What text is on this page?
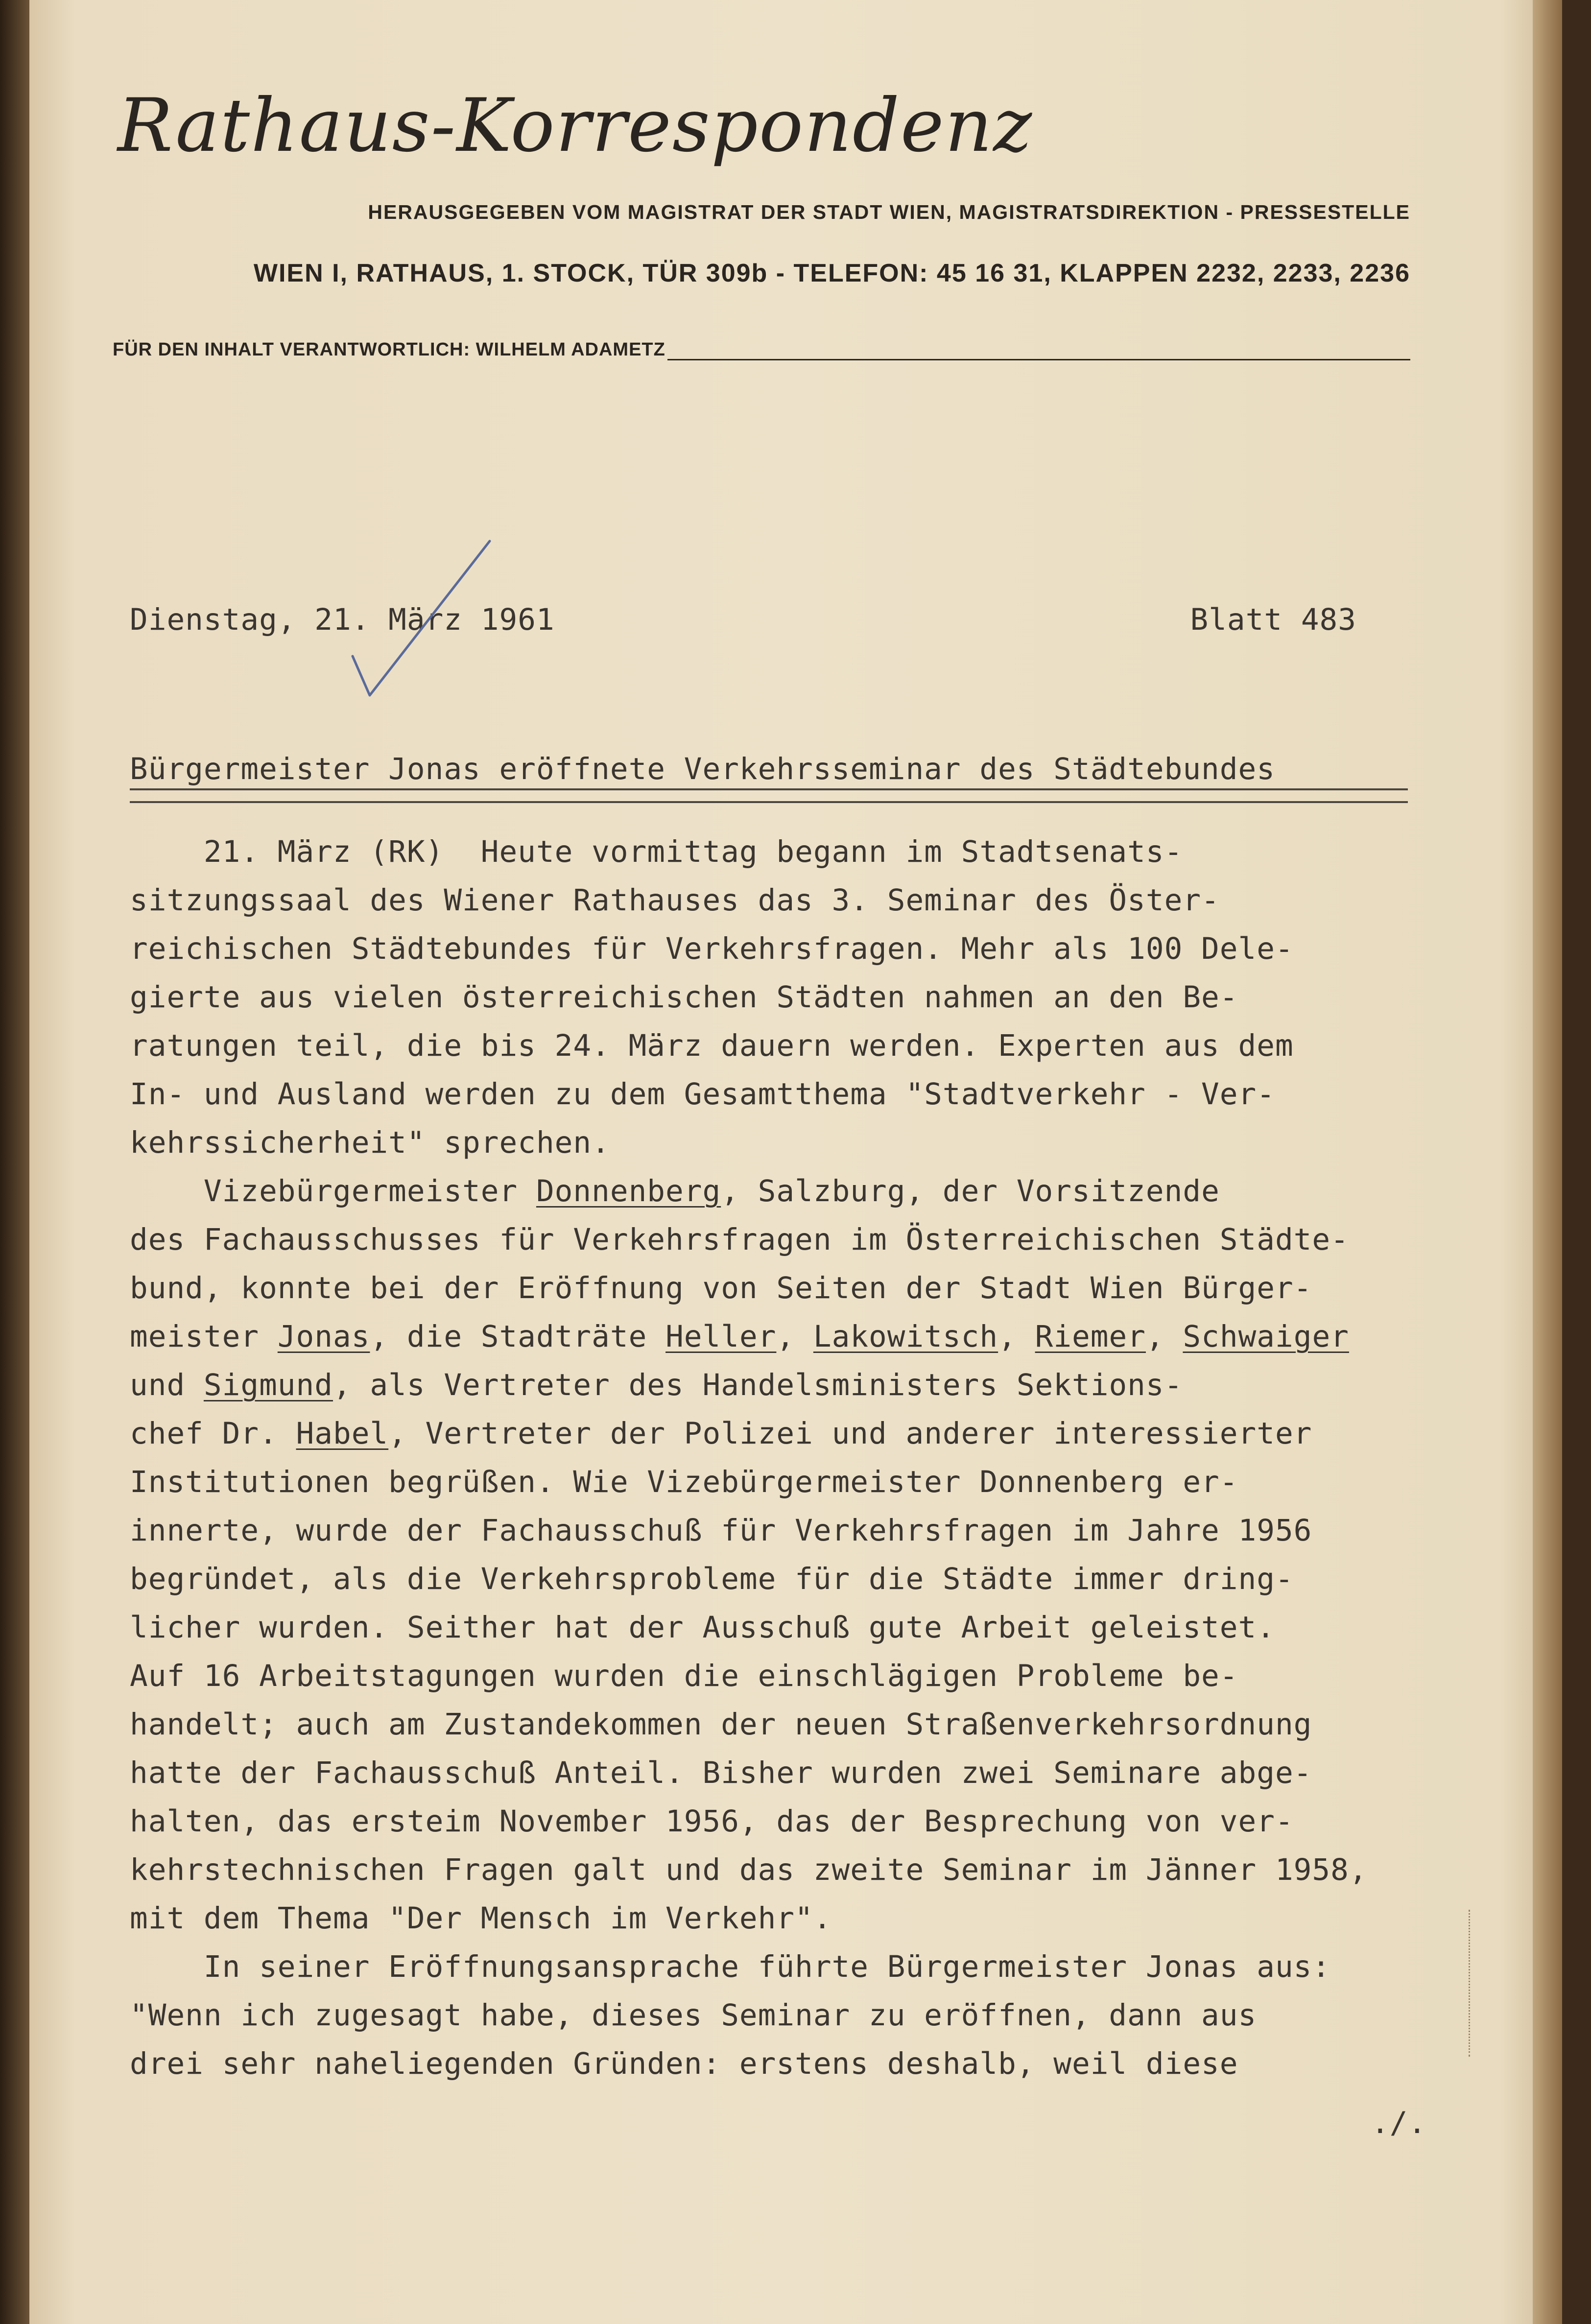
Rathaus-Korrespondenz
HERAUSGEGEBEN VOM MAGISTRAT DER STADT WIEN, MAGISTRATSDIREKTION - PRESSESTELLE
WIEN I, RATHAUS, 1. STOCK, TÜR 309b - TELEFON: 45 16 31, KLAPPEN 2232, 2233, 2236
FÜR DEN INHALT VERANTWORTLICH: WILHELM ADAMETZ
Dienstag, 21. März 1961	Blatt 483
Bürgermeister Jonas eröffnete Verkehrsseminar des Städtebundes
21. März (RK)  Heute vormittag begann im Stadtsenats-
sitzungssaal des Wiener Rathauses das 3. Seminar des Öster-
reichischen Städtebundes für Verkehrsfragen. Mehr als 100 Dele-
gierte aus vielen österreichischen Städten nahmen an den Be-
ratungen teil, die bis 24. März dauern werden. Experten aus dem
In- und Ausland werden zu dem Gesamtthema "Stadtverkehr - Ver-
kehrssicherheit" sprechen.
Vizebürgermeister Donnenberg, Salzburg, der Vorsitzende
des Fachausschusses für Verkehrsfragen im Österreichischen Städte-
bund, konnte bei der Eröffnung von Seiten der Stadt Wien Bürger-
meister Jonas, die Stadträte Heller, Lakowitsch, Riemer, Schwaiger
und Sigmund, als Vertreter des Handelsministers Sektions-
chef Dr. Habel, Vertreter der Polizei und anderer interessierter
Institutionen begrüßen. Wie Vizebürgermeister Donnenberg er-
innerte, wurde der Fachausschuß für Verkehrsfragen im Jahre 1956
begründet, als die Verkehrsprobleme für die Städte immer dring-
licher wurden. Seither hat der Ausschuß gute Arbeit geleistet.
Auf 16 Arbeitstagungen wurden die einschlägigen Probleme be-
handelt; auch am Zustandekommen der neuen Straßenverkehrsordnung
hatte der Fachausschuß Anteil. Bisher wurden zwei Seminare abge-
halten, das ersteim November 1956, das der Besprechung von ver-
kehrstechnischen Fragen galt und das zweite Seminar im Jänner 1958,
mit dem Thema "Der Mensch im Verkehr".
In seiner Eröffnungsansprache führte Bürgermeister Jonas aus:
"Wenn ich zugesagt habe, dieses Seminar zu eröffnen, dann aus
drei sehr naheliegenden Gründen: erstens deshalb, weil diese
./.
